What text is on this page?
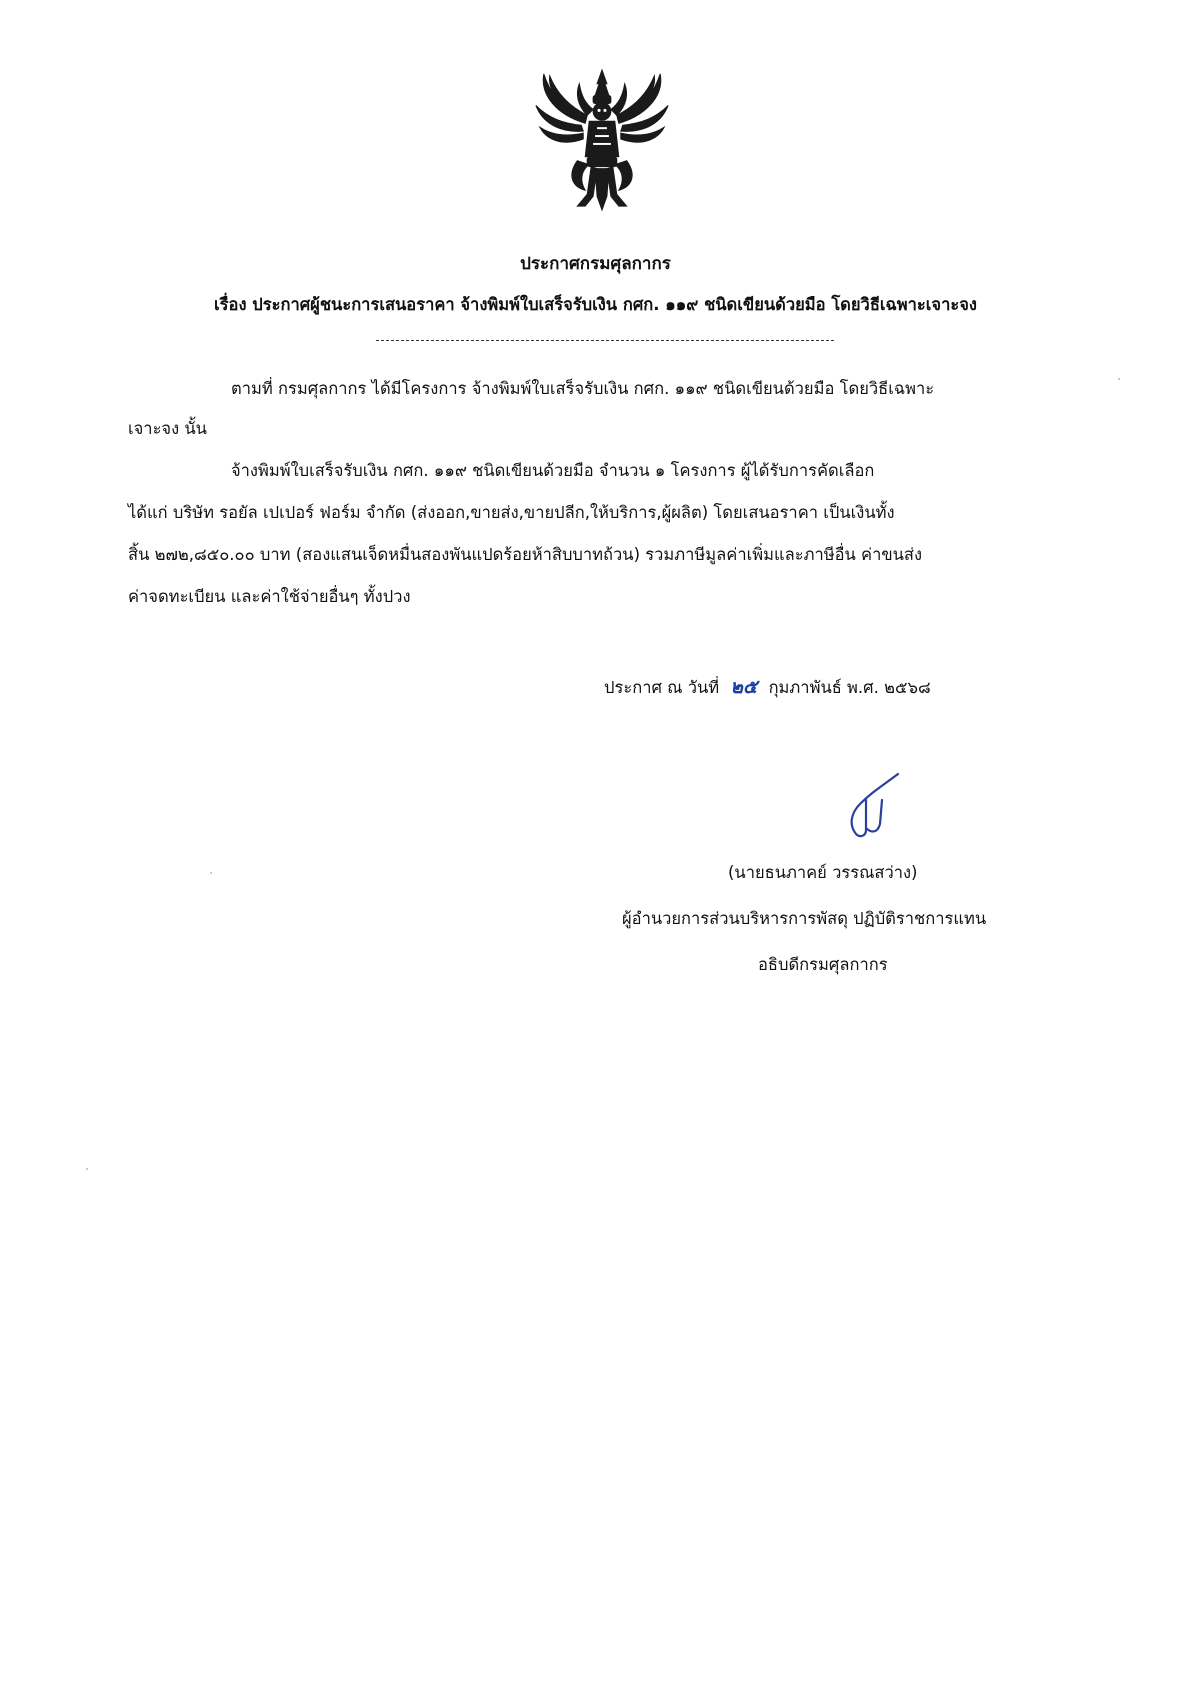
ประกาศกรมศุลกากร
เรื่อง ประกาศผู้ชนะการเสนอราคา จ้างพิมพ์ใบเสร็จรับเงิน กศก. ๑๑๙ ชนิดเขียนด้วยมือ โดยวิธีเฉพาะเจาะจง
ตามที่ กรมศุลกากร ได้มีโครงการ จ้างพิมพ์ใบเสร็จรับเงิน กศก. ๑๑๙ ชนิดเขียนด้วยมือ โดยวิธีเฉพาะ
เจาะจง นั้น
จ้างพิมพ์ใบเสร็จรับเงิน กศก. ๑๑๙ ชนิดเขียนด้วยมือ จำนวน ๑ โครงการ ผู้ได้รับการคัดเลือก
ได้แก่ บริษัท รอยัล เปเปอร์ ฟอร์ม จำกัด (ส่งออก,ขายส่ง,ขายปลีก,ให้บริการ,ผู้ผลิต) โดยเสนอราคา เป็นเงินทั้ง
สิ้น ๒๗๒,๘๕๐.๐๐ บาท (สองแสนเจ็ดหมื่นสองพันแปดร้อยห้าสิบบาทถ้วน) รวมภาษีมูลค่าเพิ่มและภาษีอื่น ค่าขนส่ง
ค่าจดทะเบียน และค่าใช้จ่ายอื่นๆ ทั้งปวง
ประกาศ ณ วันที่ ๒๕ กุมภาพันธ์ พ.ศ. ๒๕๖๘
(นายธนภาคย์ วรรณสว่าง)
ผู้อำนวยการส่วนบริหารการพัสดุ ปฏิบัติราชการแทน
อธิบดีกรมศุลกากร
